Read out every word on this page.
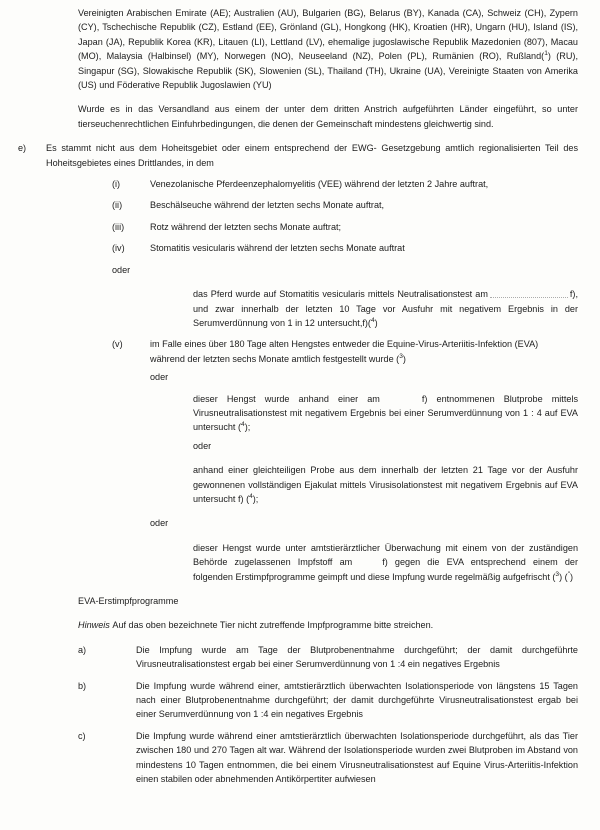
Vereinigten Arabischen Emirate (AE); Australien (AU), Bulgarien (BG), Belarus (BY), Kanada (CA), Schweiz (CH), Zypern (CY), Tschechische Republik (CZ), Estland (EE), Grönland (GL), Hongkong (HK), Kroatien (HR), Ungarn (HU), Island (IS), Japan (JA), Republik Korea (KR), Litauen (LI), Lettland (LV), ehemalige jugoslawische Republik Mazedonien (807), Macau (MO), Malaysia (Halbinsel) (MY), Norwegen (NO), Neuseeland (NZ), Polen (PL), Rumänien (RO), Rußland($^1$) (RU), Singapur (SG), Slowakische Republik (SK), Slowenien (SL), Thailand (TH), Ukraine (UA), Vereinigte Staaten von Amerika (US) und Föderative Republik Jugoslawien (YU)
Wurde es in das Versandland aus einem der unter dem dritten Anstrich aufgeführten Länder eingeführt, so unter tierseuchenrechtlichen Einfuhrbedingungen, die denen der Gemeinschaft mindestens gleichwertig sind.
e)	Es stammt nicht aus dem Hoheitsgebiet oder einem entsprechend der EWG- Gesetzgebung amtlich regionalisierten Teil des Hoheitsgebietes eines Drittlandes, in dem
(i)	Venezolanische Pferdeenzephalomyelitis (VEE) während der letzten 2 Jahre auftrat,
(ii)	Beschälseuche während der letzten sechs Monate auftrat,
(iii)	Rotz während der letzten sechs Monate auftrat;
(iv)	Stomatitis vesicularis während der letzten sechs Monate auftrat
oder
das Pferd wurde auf Stomatitis vesicularis mittels Neutralisationstest am	f), und zwar innerhalb der letzten 10 Tage vor Ausfuhr mit negativem Ergebnis in der Serumverdünnung von 1 in 12 untersucht,f)($^4$)
(v)	im Falle eines über 180 Tage alten Hengstes entweder die Equine-Virus-Arteriitis-Infektion (EVA) während der letzten sechs Monate amtlich festgestellt wurde ($^3$)
oder
dieser Hengst wurde anhand einer am	f) entnommenen Blutprobe mittels Virusneutralisationstest mit negativem Ergebnis bei einer Serumverdünnung von 1 : 4 auf EVA untersucht ($^4$);
oder
anhand einer gleichteiligen Probe aus dem innerhalb der letzten 21 Tage vor der Ausfuhr gewonnenen vollständigen Ejakulat mittels Virusisolationstest mit negativem Ergebnis auf EVA untersucht f) ($^4$);
oder
dieser Hengst wurde unter amtstierärztlicher Überwachung mit einem von der zuständigen Behörde zugelassenen Impfstoff am	f) gegen die EVA entsprechend einem der folgenden Erstimpfprogramme geimpft und diese Impfung wurde regelmäßig aufgefrischt ($^3$) (")
EVA-Erstimpfprogramme
Hinweis Auf das oben bezeichnete Tier nicht zutreffende Impfprogramme bitte streichen.
a)	Die Impfung wurde am Tage der Blutprobenentnahme durchgeführt; der damit durchgeführte Virusneutralisationstest ergab bei einer Serumverdünnung von 1 :4 ein negatives Ergebnis
b)	Die Impfung wurde während einer, amtstierärztlich überwachten Isolationsperiode von längstens 15 Tagen nach einer Blutprobenentnahme durchgeführt; der damit durchgeführte Virusneutralisationstest ergab bei einer Serumverdünnung von 1 :4 ein negatives Ergebnis
c)	Die Impfung wurde während einer amtstierärztlich überwachten Isolationsperiode durchgeführt, als das Tier zwischen 180 und 270 Tagen alt war. Während der Isolationsperiode wurden zwei Blutproben im Abstand von mindestens 10 Tagen entnommen, die bei einem Virusneutralisationstest auf Equine Virus-Arteriitis-Infektion einen stabilen oder abnehmenden Antikörpertiter aufwiesen
